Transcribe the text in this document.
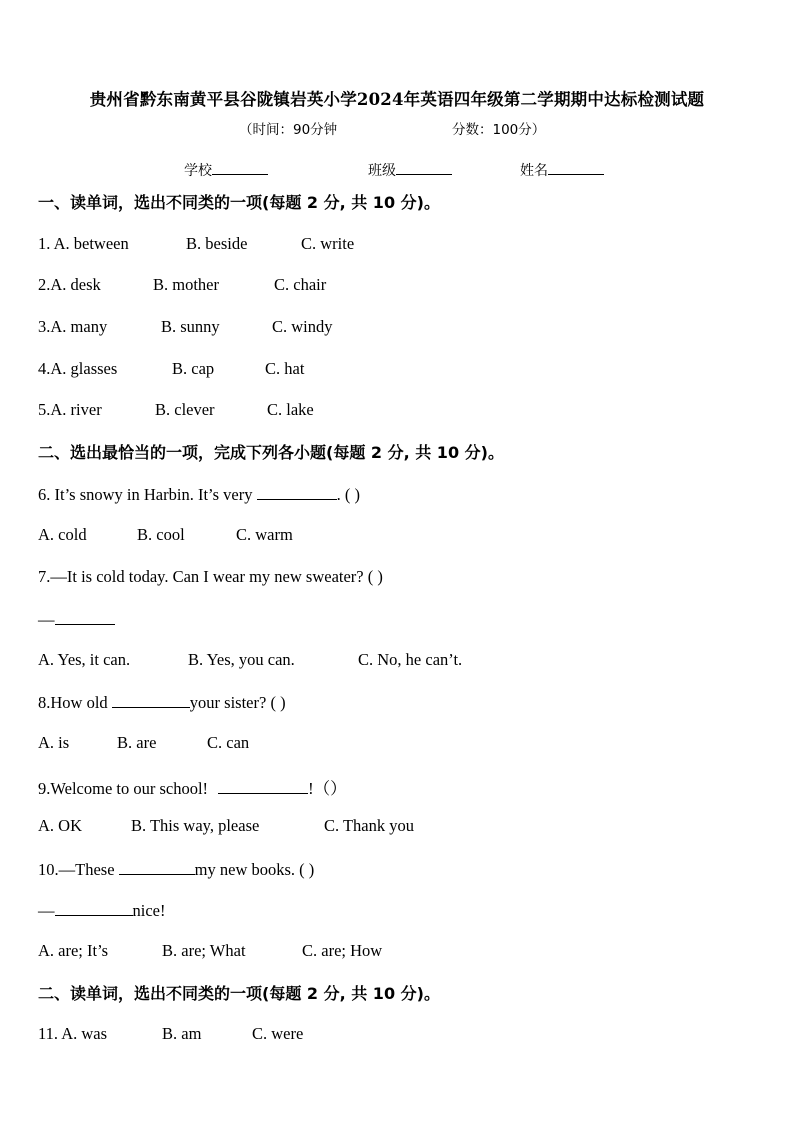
贵州省黔东南黄平县谷陇镇岩英小学2024年英语四年级第二学期期中达标检测试题
（时间：90分钟	分数：100分）
学校	班级	姓名
一、读单词，选出不同类的一项(每题 2 分, 共 10 分)。
1. A. between	B. beside	C. write
2.A. desk	B. mother	C. chair
3.A. many	B. sunny	C. windy
4.A. glasses	B. cap	C. hat
5.A. river	B. clever	C. lake
二、选出最恰当的一项，完成下列各小题(每题 2 分, 共 10 分)。
6. It’s snowy in Harbin. It’s very	. ( )
A. cold	B. cool	C. warm
7.—It is cold today. Can I wear my new sweater? ( )
—
A. Yes, it can.	B. Yes, you can.	C. No, he can’t.
8.How old	your sister? ( )
A. is	B. are	C. can
9.Welcome to our school!	!（）
A. OK	B. This way, please	C. Thank you
10.—These	my new books. ( )
—	nice!
A. are; It’s	B. are; What	C. are; How
二、读单词，选出不同类的一项(每题 2 分, 共 10 分)。
11. A. was	B. am	C. were
